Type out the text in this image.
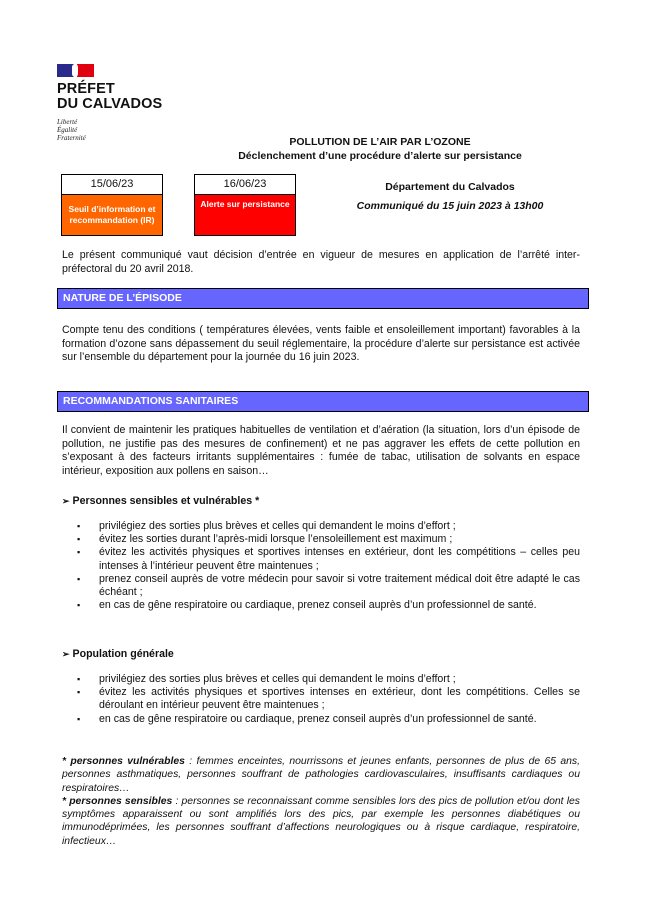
PRÉFET
DU CALVADOS
Liberté
Égalité
Fraternité	POLLUTION DE L’AIR PAR L’OZONE
Déclenchement d’une procédure d’alerte sur persistance
15/06/23
Seuil d’information et recommandation (IR)
16/06/23
Alerte sur persistance
Département du Calvados
Communiqué du 15 juin 2023 à 13h00
Le présent communiqué vaut décision d’entrée en vigueur de mesures en application de l’arrêté inter-préfectoral du 20 avril 2018.
NATURE DE L’ÉPISODE
Compte tenu des conditions ( températures élevées, vents faible et ensoleillement important) favorables à la formation d’ozone sans dépassement du seuil réglementaire, la procédure d’alerte sur persistance est activée sur l’ensemble du département pour la journée du 16 juin 2023.
RECOMMANDATIONS SANITAIRES
Il convient de maintenir les pratiques habituelles de ventilation et d’aération (la situation, lors d’un épisode de pollution, ne justifie pas des mesures de confinement) et ne pas aggraver les effets de cette pollution en s’exposant à des facteurs irritants supplémentaires : fumée de tabac, utilisation de solvants en espace intérieur, exposition aux pollens en saison…
➢ Personnes sensibles et vulnérables *
▪ privilégiez des sorties plus brèves et celles qui demandent le moins d’effort ;
▪ évitez les sorties durant l’après-midi lorsque l’ensoleillement est maximum ;
▪ évitez les activités physiques et sportives intenses en extérieur, dont les compétitions – celles peu intenses à l’intérieur peuvent être maintenues ;
▪ prenez conseil auprès de votre médecin pour savoir si votre traitement médical doit être adapté le cas échéant ;
▪ en cas de gêne respiratoire ou cardiaque, prenez conseil auprès d’un professionnel de santé.
➢ Population générale
▪ privilégiez des sorties plus brèves et celles qui demandent le moins d’effort ;
▪ évitez les activités physiques et sportives intenses en extérieur, dont les compétitions. Celles se déroulant en intérieur peuvent être maintenues ;
▪ en cas de gêne respiratoire ou cardiaque, prenez conseil auprès d’un professionnel de santé.
* personnes vulnérables : femmes enceintes, nourrissons et jeunes enfants, personnes de plus de 65 ans, personnes asthmatiques, personnes souffrant de pathologies cardiovasculaires, insuffisants cardiaques ou respiratoires…
* personnes sensibles : personnes se reconnaissant comme sensibles lors des pics de pollution et/ou dont les symptômes apparaissent ou sont amplifiés lors des pics, par exemple les personnes diabétiques ou immunodéprimées, les personnes souffrant d’affections neurologiques ou à risque cardiaque, respiratoire, infectieux…
